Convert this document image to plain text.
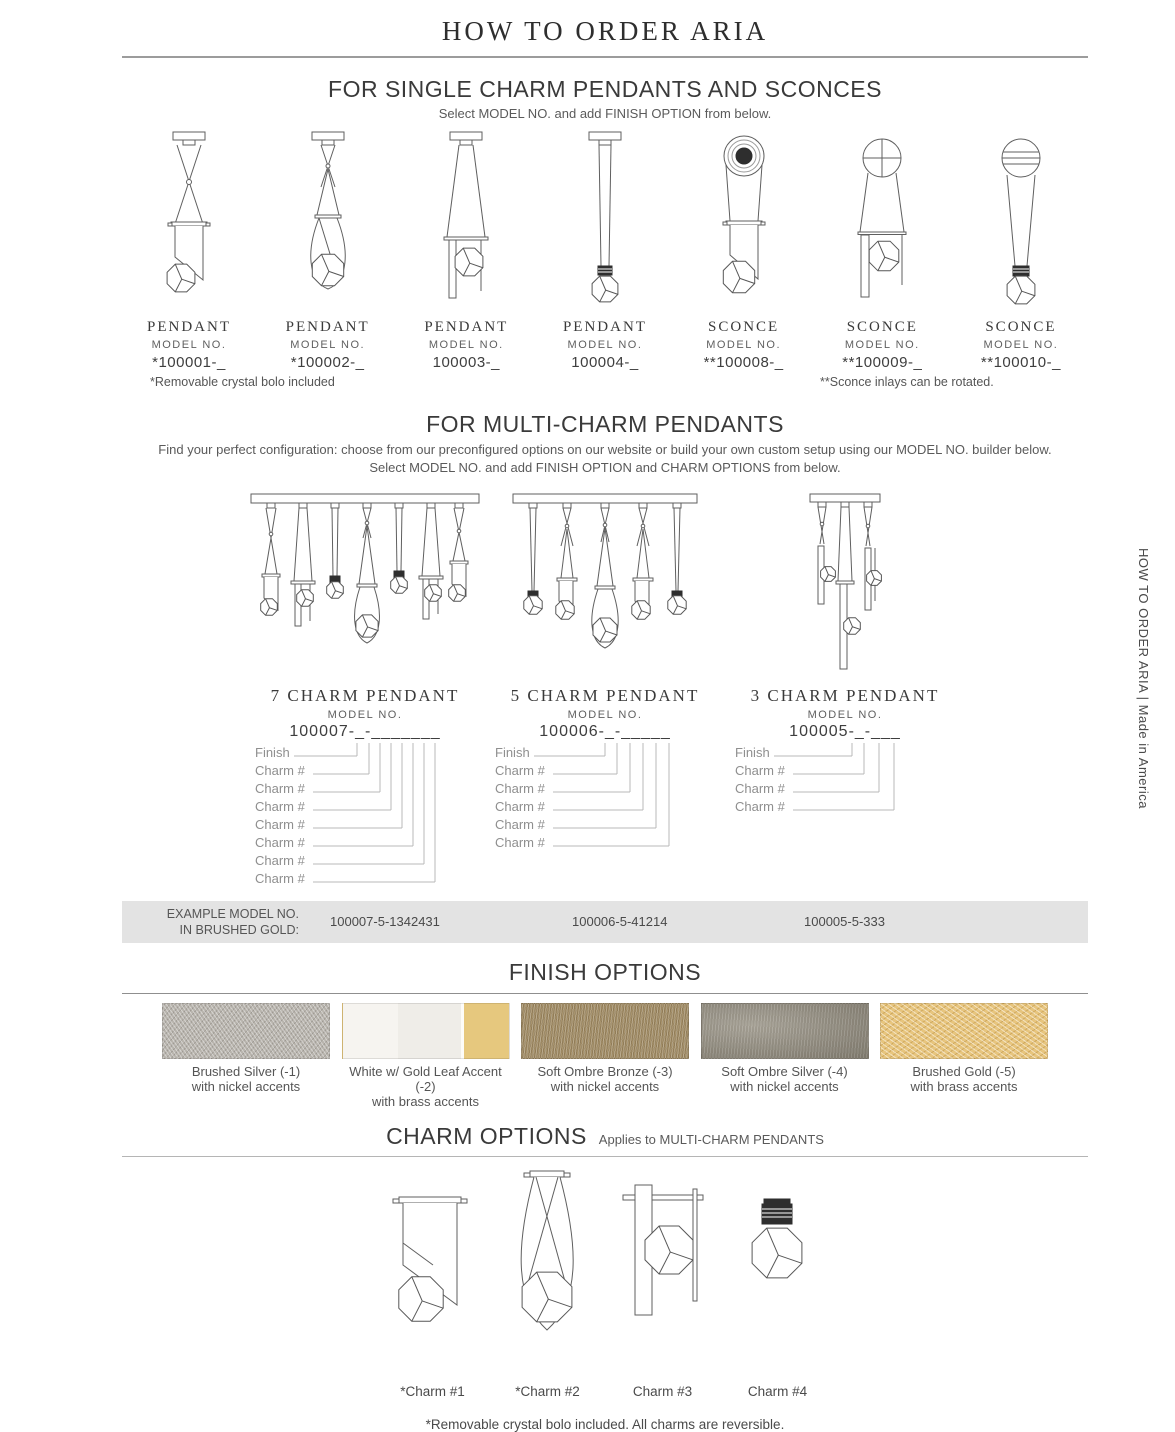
HOW TO ORDER ARIA
FOR SINGLE CHARM PENDANTS AND SCONCES
Select MODEL NO. and add FINISH OPTION from below.
PENDANT
MODEL NO.
*100001-_
PENDANT
MODEL NO.
*100002-_
PENDANT
MODEL NO.
100003-_
PENDANT
MODEL NO.
100004-_
SCONCE
MODEL NO.
**100008-_
SCONCE
MODEL NO.
**100009-_
SCONCE
MODEL NO.
**100010-_
*Removable crystal bolo included	**Sconce inlays can be rotated.
FOR MULTI-CHARM PENDANTS
Find your perfect configuration: choose from our preconfigured options on our website or build your own custom setup using our MODEL NO. builder below.
Select MODEL NO. and add FINISH OPTION and CHARM OPTIONS from below.
7 CHARM PENDANT
MODEL NO.
100007-_-_______
Finish
Charm #
Charm #
Charm #
Charm #
Charm #
Charm #
Charm #
5 CHARM PENDANT
MODEL NO.
100006-_-_____
Finish
Charm #
Charm #
Charm #
Charm #
Charm #
3 CHARM PENDANT
MODEL NO.
100005-_-___
Finish
Charm #
Charm #
Charm #
EXAMPLE MODEL NO.
IN BRUSHED GOLD:
100007-5-1342431	100006-5-41214	100005-5-333
FINISH OPTIONS
Brushed Silver (-1)
with nickel accents
White w/ Gold Leaf Accent (-2)
with brass accents
Soft Ombre Bronze (-3)
with nickel accents
Soft Ombre Silver (-4)
with nickel accents
Brushed Gold (-5)
with brass accents
CHARM OPTIONS Applies to MULTI-CHARM PENDANTS
*Charm #1	*Charm #2	Charm #3	Charm #4
*Removable crystal bolo included. All charms are reversible.
HOW TO ORDER ARIA | Made in America
